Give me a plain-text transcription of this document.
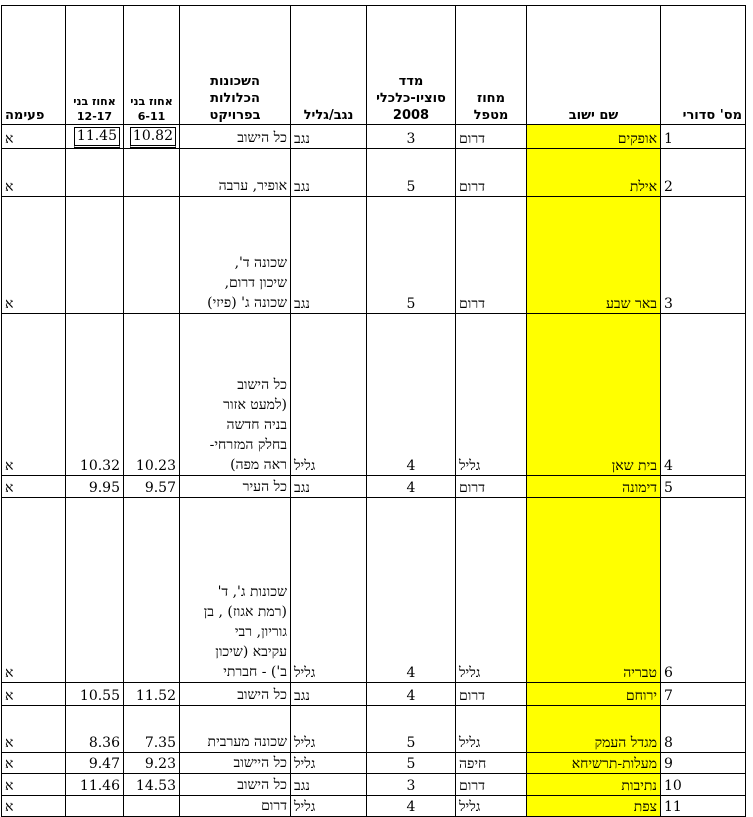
מס' סדורי	שם ישוב	מחוז מטפל	מדד סוציו-כלכלי 2008	נגב/גליל	השכונות הכלולות בפרויקט	אחוז בני 6-11	אחוז בני 12-17	פעימה
1	אופקים	דרום	3	נגב	כל הישוב	10.82	11.45	א
2	אילת	דרום	5	נגב	אופיר, ערבה			א
3	באר שבע	דרום	5	נגב	שכונה ד',
שיכון דרום,
שכונה ג' (פיזי)			א
4	בית שאן	גליל	4	גליל	כל הישוב
(למעט אזור
בניה חדשה
בחלק המזרחי-
ראה מפה)	10.23	10.32	א
5	דימונה	דרום	4	נגב	כל העיר	9.57	9.95	א
6	טבריה	גליל	4	גליל	שכונות ג', ד'
(רמת אגוז) , בן
גוריון, רבי
עקיבא (שיכון
ב') - חברתי			א
7	ירוחם	דרום	4	נגב	כל הישוב	11.52	10.55	א
8	מגדל העמק	גליל	5	גליל	שכונה מערבית	7.35	8.36	א
9	מעלות-תרשיחא	חיפה	5	גליל	כל היישוב	9.23	9.47	א
10	נתיבות	דרום	3	נגב	כל הישוב	14.53	11.46	א
11	צפת	גליל	4	גליל	דרום			א
